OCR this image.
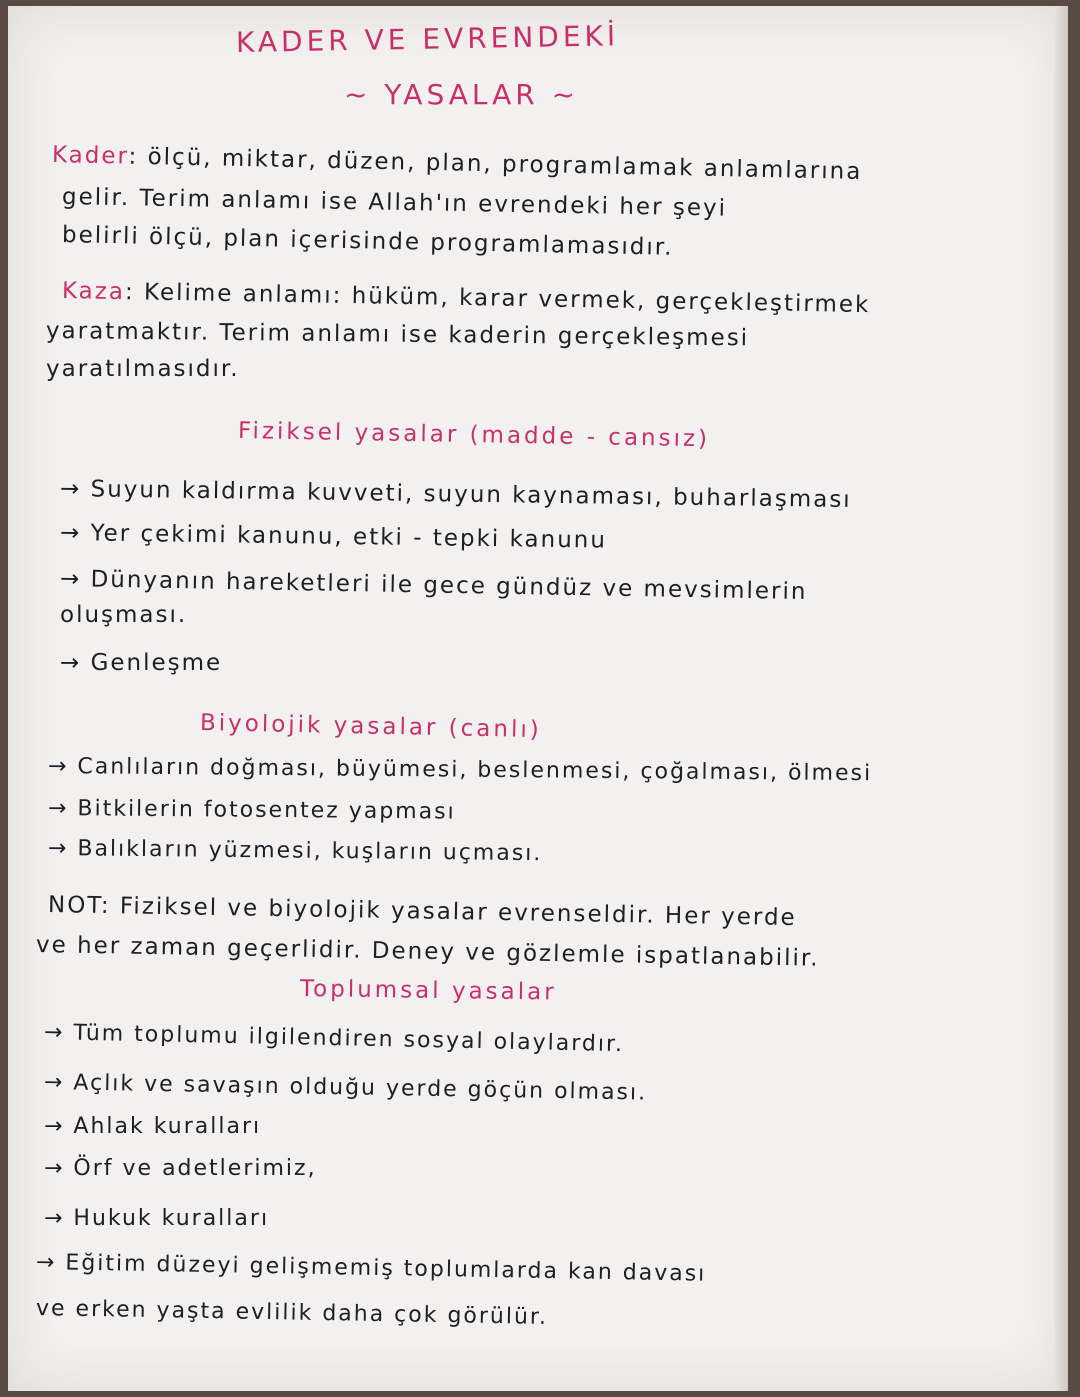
KADER VE EVRENDEKİ
~ YASALAR ~
Kader: ölçü, miktar, düzen, plan, programlamak anlamlarına
gelir. Terim anlamı ise Allah'ın evrendeki her şeyi
belirli ölçü, plan içerisinde programlamasıdır.
Kaza: Kelime anlamı: hüküm, karar vermek, gerçekleştirmek
yaratmaktır. Terim anlamı ise kaderin gerçekleşmesi
yaratılmasıdır.
Fiziksel yasalar (madde - cansız)
→ Suyun kaldırma kuvveti, suyun kaynaması, buharlaşması
→ Yer çekimi kanunu, etki - tepki kanunu
→ Dünyanın hareketleri ile gece gündüz ve mevsimlerin
oluşması.
→ Genleşme
Biyolojik yasalar (canlı)
→ Canlıların doğması, büyümesi, beslenmesi, çoğalması, ölmesi
→ Bitkilerin fotosentez yapması
→ Balıkların yüzmesi, kuşların uçması.
NOT: Fiziksel ve biyolojik yasalar evrenseldir. Her yerde
ve her zaman geçerlidir. Deney ve gözlemle ispatlanabilir.
Toplumsal yasalar
→ Tüm toplumu ilgilendiren sosyal olaylardır.
→ Açlık ve savaşın olduğu yerde göçün olması.
→ Ahlak kuralları
→ Örf ve adetlerimiz,
→ Hukuk kuralları
→ Eğitim düzeyi gelişmemiş toplumlarda kan davası
ve erken yaşta evlilik daha çok görülür.
